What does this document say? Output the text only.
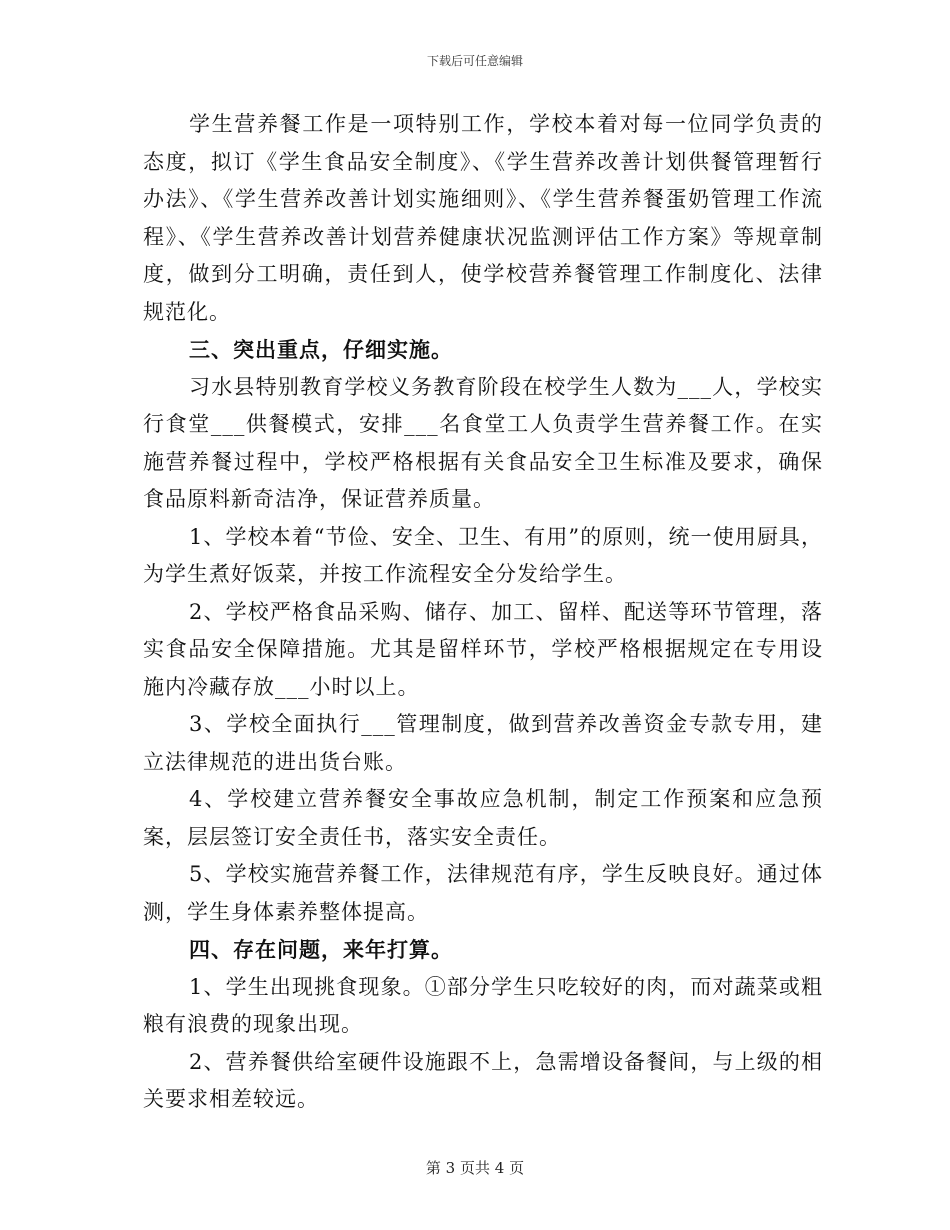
下载后可任意编辑

学生营养餐工作是一项特别工作，学校本着对每一位同学负责的态度，拟订《学生食品安全制度》、《学生营养改善计划供餐管理暂行办法》、《学生营养改善计划实施细则》、《学生营养餐蛋奶管理工作流程》、《学生营养改善计划营养健康状况监测评估工作方案》等规章制度，做到分工明确，责任到人，使学校营养餐管理工作制度化、法律规范化。

三、突出重点，仔细实施。

习水县特别教育学校义务教育阶段在校学生人数为___人，学校实行食堂___供餐模式，安排___名食堂工人负责学生营养餐工作。在实施营养餐过程中，学校严格根据有关食品安全卫生标准及要求，确保食品原料新奇洁净，保证营养质量。

1、学校本着“节俭、安全、卫生、有用”的原则，统一使用厨具，为学生煮好饭菜，并按工作流程安全分发给学生。

2、学校严格食品采购、储存、加工、留样、配送等环节管理，落实食品安全保障措施。尤其是留样环节，学校严格根据规定在专用设施内冷藏存放___小时以上。

3、学校全面执行___管理制度，做到营养改善资金专款专用，建立法律规范的进出货台账。

4、学校建立营养餐安全事故应急机制，制定工作预案和应急预案，层层签订安全责任书，落实安全责任。

5、学校实施营养餐工作，法律规范有序，学生反映良好。通过体测，学生身体素养整体提高。

四、存在问题，来年打算。

1、学生出现挑食现象。①部分学生只吃较好的肉，而对蔬菜或粗粮有浪费的现象出现。

2、营养餐供给室硬件设施跟不上，急需增设备餐间，与上级的相关要求相差较远。

第 3 页共 4 页
